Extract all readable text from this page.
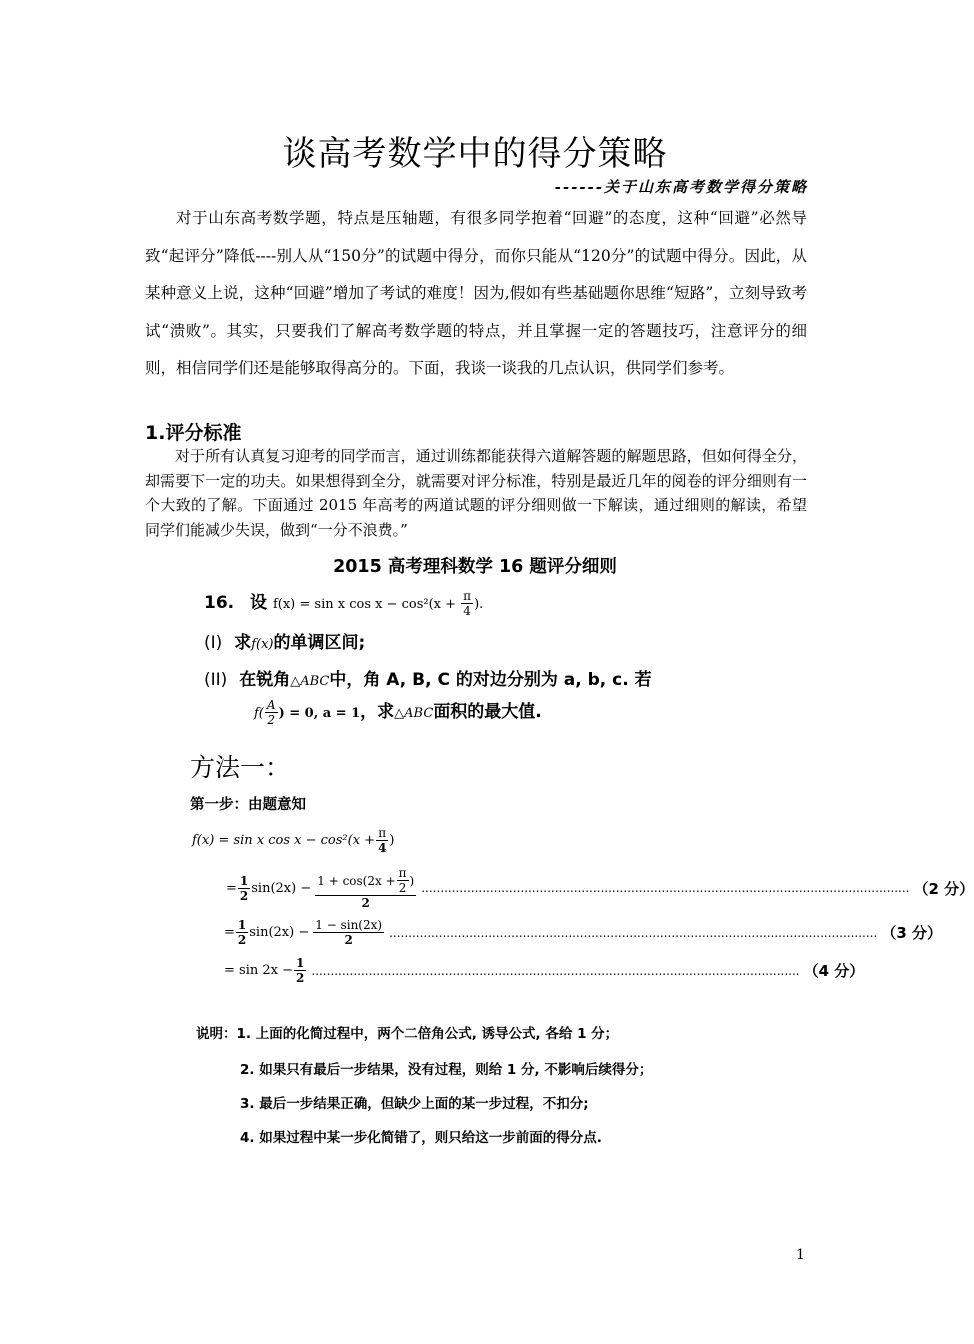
谈高考数学中的得分策略
------关于山东高考数学得分策略

对于山东高考数学题，特点是压轴题，有很多同学抱着“回避”的态度，这种“回避”必然导致“起评分”降低----别人从“150分”的试题中得分，而你只能从“120分”的试题中得分。因此，从某种意义上说，这种“回避”增加了考试的难度！因为,假如有些基础题你思维“短路”，立刻导致考试“溃败”。其实，只要我们了解高考数学题的特点，并且掌握一定的答题技巧，注意评分的细则，相信同学们还是能够取得高分的。下面，我谈一谈我的几点认识，供同学们参考。

1.评分标准

对于所有认真复习迎考的同学而言，通过训练都能获得六道解答题的解题思路，但如何得全分，却需要下一定的功夫。如果想得到全分，就需要对评分标准，特别是最近几年的阅卷的评分细则有一个大致的了解。下面通过 2015 年高考的两道试题的评分细则做一下解读，通过细则的解读，希望同学们能减少失误，做到“一分不浪费。”

2015 高考理科数学 16 题评分细则
16. 设 f(x) = sin x $\cos x - \cos^2(x + \frac{\pi}{4}$ ).
(I) 求f(x)的单调区间;
(II) 在锐角△ABC中，角 A, B, C 的对边分别为 a, b, c. 若
$f( \frac{A}{2}$ ) = 0, a = 1，求△ABC面积的最大值.
方法一：
第一步：由题意知
f(x) = sin x $\cos x - \cos^2(x + \frac{\pi}{4}$ )
= $\frac{1}{2} \sin(2x) - \frac{1 + \cos(2x + \frac{\pi}{2} )}{2}$ ................................................................................................................................ （2 分）
= $\frac{1}{2} \sin(2x) - \frac{1 - \sin(2x)}{2}$ ................................................................................................................................ （3 分）
= $\sin 2x - \frac{1}{2}$ ................................................................................................................................ （4 分）
说明：1. 上面的化简过程中，两个二倍角公式, 诱导公式, 各给 1 分；
2. 如果只有最后一步结果，没有过程，则给 1 分, 不影响后续得分；
3. 最后一步结果正确，但缺少上面的某一步过程，不扣分;
4. 如果过程中某一步化简错了，则只给这一步前面的得分点.
1
